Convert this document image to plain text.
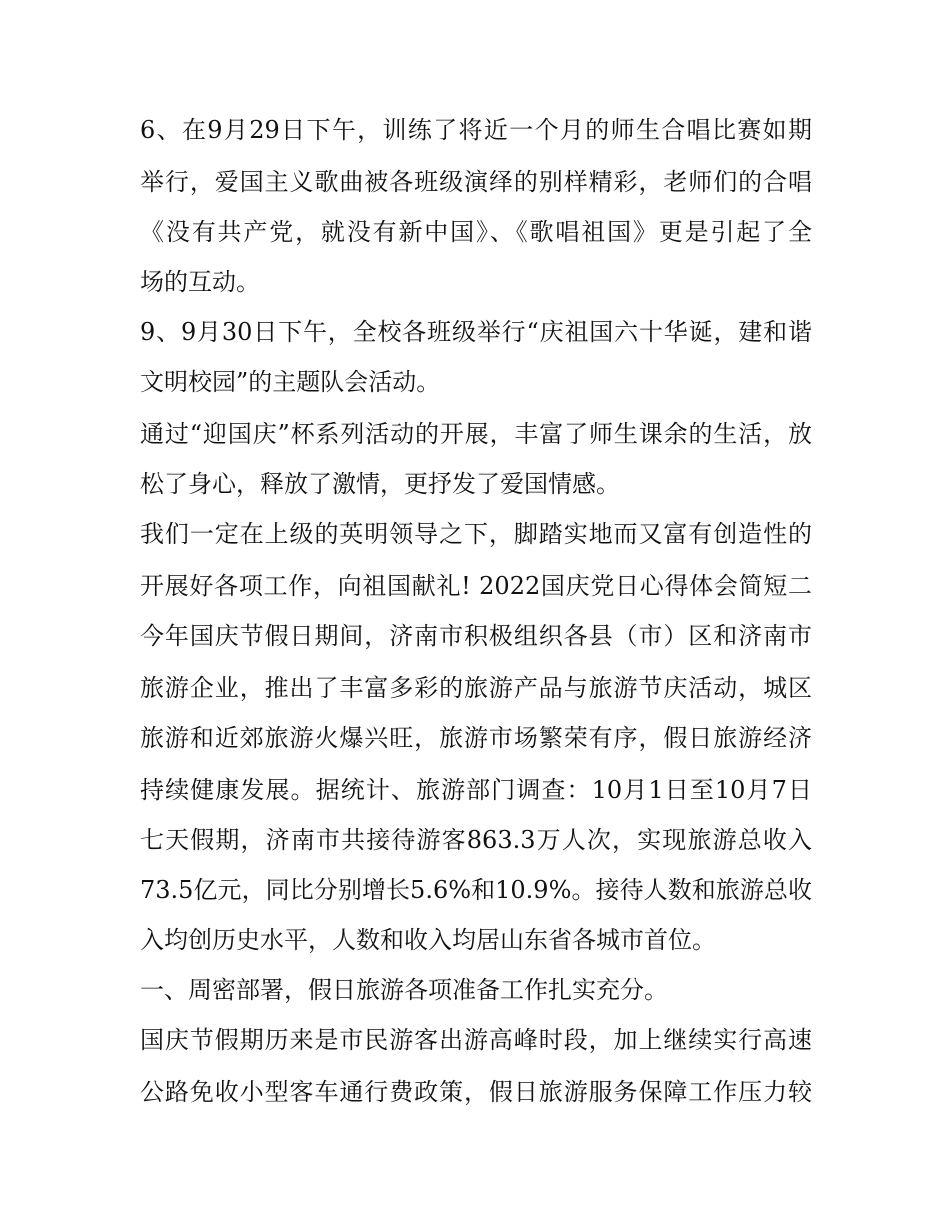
6、在9月29日下午，训练了将近一个月的师生合唱比赛如期
举行，爱国主义歌曲被各班级演绎的别样精彩，老师们的合唱
《没有共产党，就没有新中国》、《歌唱祖国》更是引起了全
场的互动。
9、9月30日下午，全校各班级举行“庆祖国六十华诞，建和谐
文明校园”的主题队会活动。
通过“迎国庆”杯系列活动的开展，丰富了师生课余的生活，放
松了身心，释放了激情，更抒发了爱国情感。
我们一定在上级的英明领导之下，脚踏实地而又富有创造性的
开展好各项工作，向祖国献礼! 2022国庆党日心得体会简短二
今年国庆节假日期间，济南市积极组织各县（市）区和济南市
旅游企业，推出了丰富多彩的旅游产品与旅游节庆活动，城区
旅游和近郊旅游火爆兴旺，旅游市场繁荣有序，假日旅游经济
持续健康发展。据统计、旅游部门调查：10月1日至10月7日
七天假期，济南市共接待游客863.3万人次，实现旅游总收入
73.5亿元，同比分别增长5.6%和10.9%。接待人数和旅游总收
入均创历史水平，人数和收入均居山东省各城市首位。
一、周密部署，假日旅游各项准备工作扎实充分。
国庆节假期历来是市民游客出游高峰时段，加上继续实行高速
公路免收小型客车通行费政策，假日旅游服务保障工作压力较
